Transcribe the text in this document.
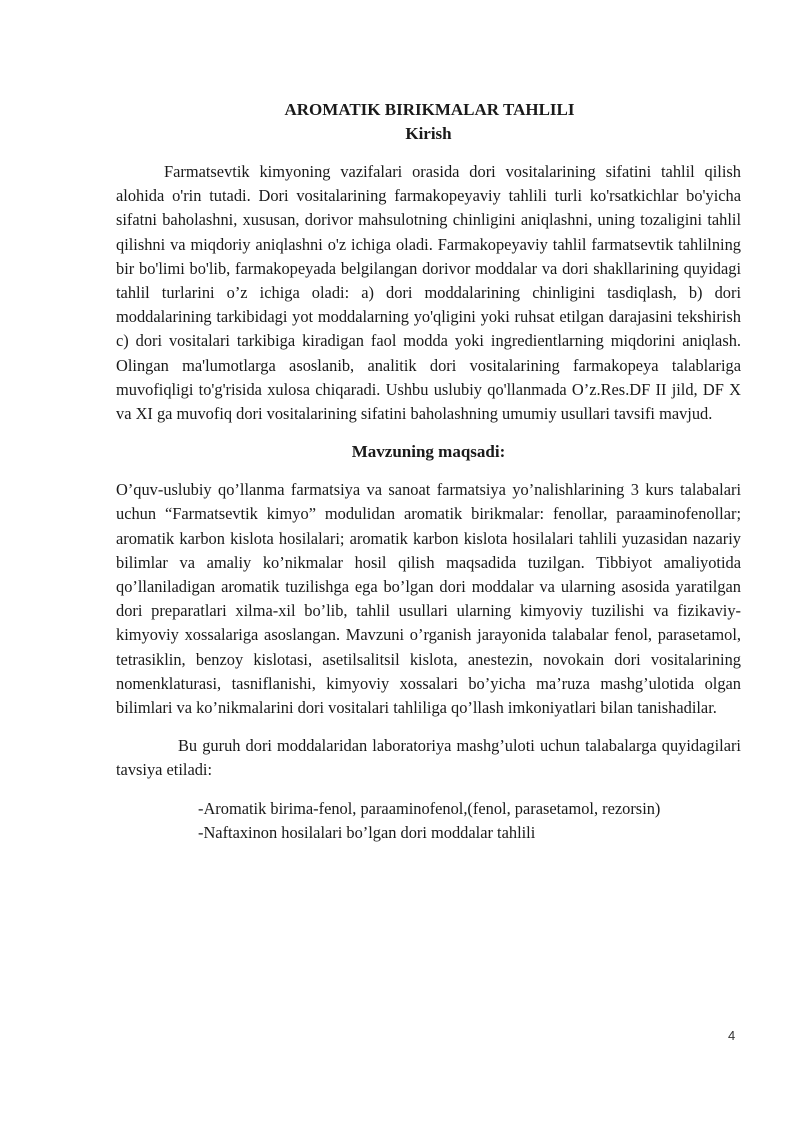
AROMATIK BIRIKMALAR TAHLILI

Kirish

Farmatsevtik kimyoning vazifalari orasida dori vositalarining sifatini tahlil qilish alohida o'rin tutadi. Dori vositalarining farmakopeyaviy tahlili turli ko'rsatkichlar bo'yicha sifatni baholashni, xususan, dorivor mahsulotning chinligini aniqlashni, uning tozaligini tahlil qilishni va miqdoriy aniqlashni o'z ichiga oladi. Farmakopeyaviy tahlil farmatsevtik tahlilning bir bo'limi bo'lib, farmakopeyada belgilangan dorivor moddalar va dori shakllarining quyidagi tahlil turlarini o’z ichiga oladi: a) dori moddalarining chinligini tasdiqlash, b) dori moddalarining tarkibidagi yot moddalarning yo'qligini yoki ruhsat etilgan darajasini tekshirish c) dori vositalari tarkibiga kiradigan faol modda yoki ingredientlarning miqdorini aniqlash. Olingan ma'lumotlarga asoslanib, analitik dori vositalarining farmakopeya talablariga muvofiqligi to'g'risida xulosa chiqaradi. Ushbu uslubiy qo'llanmada O’z.Res.DF II jild, DF X va XI ga muvofiq dori vositalarining sifatini baholashning umumiy usullari tavsifi mavjud.

Mavzuning maqsadi:

O’quv-uslubiy qo’llanma farmatsiya va sanoat farmatsiya yo’nalishlarining 3 kurs talabalari uchun “Farmatsevtik kimyo” modulidan aromatik birikmalar: fenollar, paraaminofenollar; aromatik karbon kislota hosilalari; aromatik karbon kislota hosilalari tahlili yuzasidan nazariy bilimlar va amaliy ko’nikmalar hosil qilish maqsadida tuzilgan. Tibbiyot amaliyotida qo’llaniladigan aromatik tuzilishga ega bo’lgan dori moddalar va ularning asosida yaratilgan dori preparatlari xilma-xil bo’lib, tahlil usullari ularning kimyoviy tuzilishi va fizikaviy-kimyoviy xossalariga asoslangan. Mavzuni o’rganish jarayonida talabalar fenol, parasetamol, tetrasiklin, benzoy kislotasi, asetilsalitsil kislota, anestezin, novokain dori vositalarining nomenklaturasi, tasniflanishi, kimyoviy xossalari bo’yicha ma’ruza mashg’ulotida olgan bilimlari va ko’nikmalarini dori vositalari tahliliga qo’llash imkoniyatlari bilan tanishadilar.

Bu guruh dori moddalaridan laboratoriya mashg’uloti uchun talabalarga quyidagilari tavsiya etiladi:

-Aromatik birima-fenol, paraaminofenol,(fenol, parasetamol, rezorsin)
-Naftaxinon hosilalari bo’lgan dori moddalar tahlili
4
